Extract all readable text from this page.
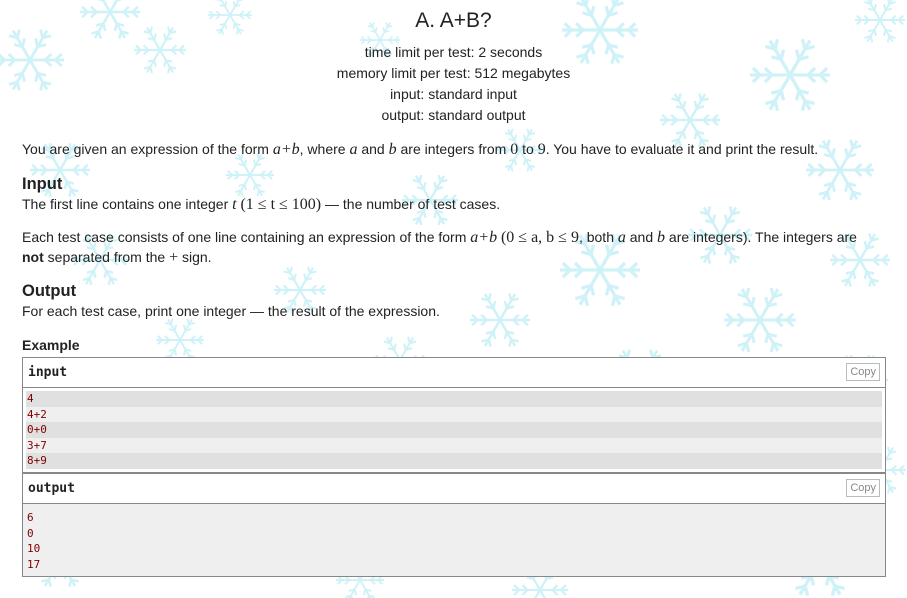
A. A+B?
time limit per test: 2 seconds
memory limit per test: 512 megabytes
input: standard input
output: standard output
You are given an expression of the form a+b, where a and b are integers from 0 to 9. You have to evaluate it and print the result.
Input
The first line contains one integer t (1 ≤ t ≤ 100) — the number of test cases.
Each test case consists of one line containing an expression of the form a+b (0 ≤ a, b ≤ 9, both a and b are integers). The integers are
not separated from the + sign.
Output
For each test case, print one integer — the result of the expression.
Example
input	Copy
4
4+2
0+0
3+7
8+9
output	Copy
6
0
10
17
